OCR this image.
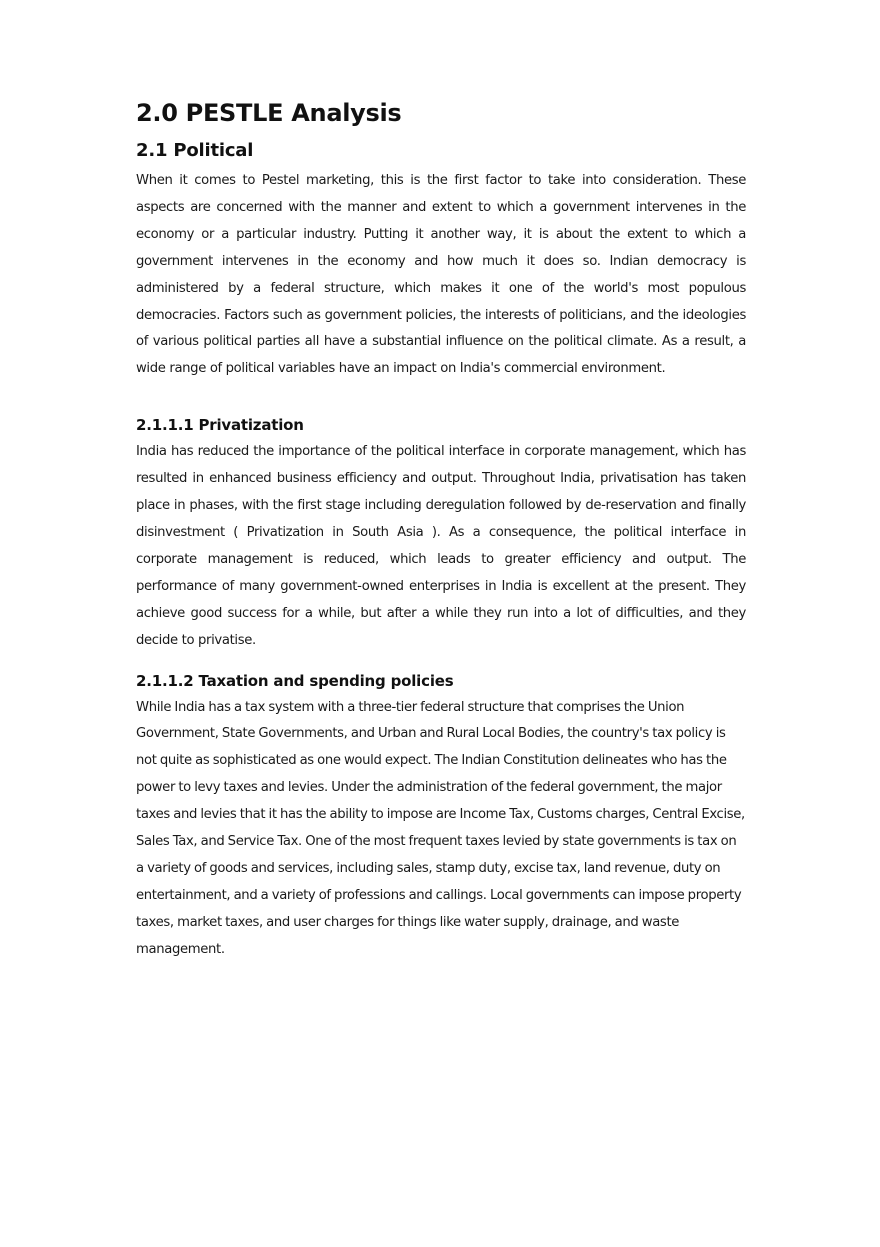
2.0 PESTLE Analysis
2.1 Political

When it comes to Pestel marketing, this is the first factor to take into consideration. These aspects are concerned with the manner and extent to which a government intervenes in the economy or a particular industry. Putting it another way, it is about the extent to which a government intervenes in the economy and how much it does so. Indian democracy is administered by a federal structure, which makes it one of the world's most populous democracies. Factors such as government policies, the interests of politicians, and the ideologies of various political parties all have a substantial influence on the political climate. As a result, a wide range of political variables have an impact on India's commercial environment.

2.1.1.1 Privatization

India has reduced the importance of the political interface in corporate management, which has resulted in enhanced business efficiency and output. Throughout India, privatisation has taken place in phases, with the first stage including deregulation followed by de-reservation and finally disinvestment ( Privatization in South Asia ). As a consequence, the political interface in corporate management is reduced, which leads to greater efficiency and output. The performance of many government-owned enterprises in India is excellent at the present. They achieve good success for a while, but after a while they run into a lot of difficulties, and they decide to privatise.

2.1.1.2 Taxation and spending policies

While India has a tax system with a three-tier federal structure that comprises the Union Government, State Governments, and Urban and Rural Local Bodies, the country's tax policy is not quite as sophisticated as one would expect. The Indian Constitution delineates who has the power to levy taxes and levies. Under the administration of the federal government, the major taxes and levies that it has the ability to impose are Income Tax, Customs charges, Central Excise, Sales Tax, and Service Tax. One of the most frequent taxes levied by state governments is tax on a variety of goods and services, including sales, stamp duty, excise tax, land revenue, duty on entertainment, and a variety of professions and callings. Local governments can impose property taxes, market taxes, and user charges for things like water supply, drainage, and waste management.
